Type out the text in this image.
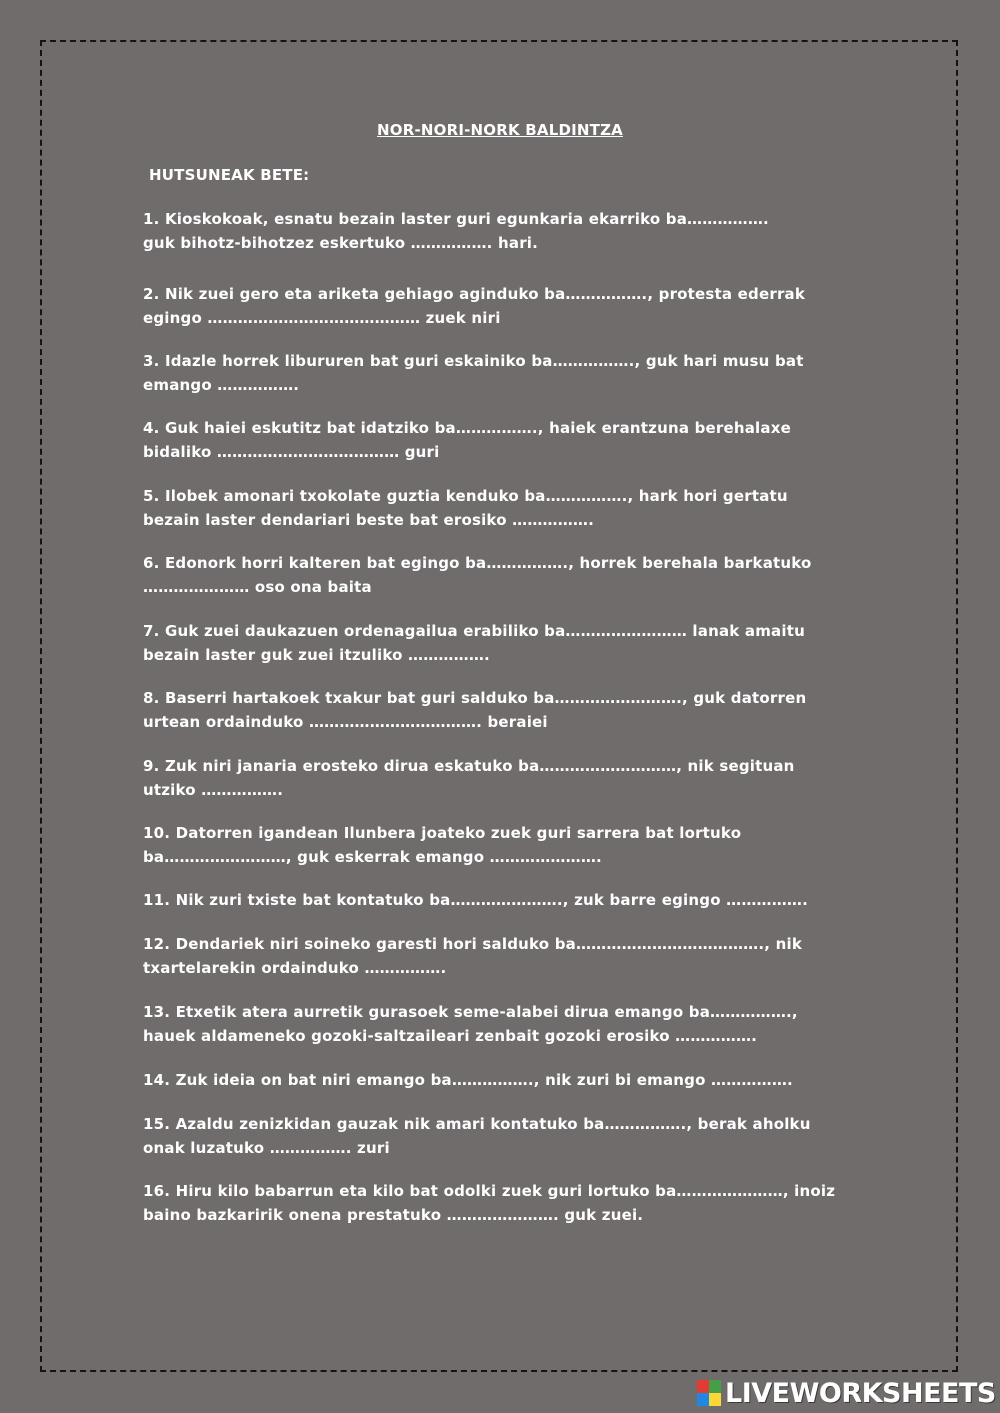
NOR-NORI-NORK BALDINTZA
HUTSUNEAK BETE:
1. Kioskokoak, esnatu bezain laster guri egunkaria ekarriko ba…………….
guk bihotz-bihotzez eskertuko ……………. hari.
2. Nik zuei gero eta ariketa gehiago aginduko ba……………., protesta ederrak
egingo …………………………………… zuek niri
3. Idazle horrek libururen bat guri eskainiko ba……………., guk hari musu bat
emango …………….
4. Guk haiei eskutitz bat idatziko ba……………., haiek erantzuna berehalaxe
bidaliko ……………………………… guri
5. Ilobek amonari txokolate guztia kenduko ba……………., hark hori gertatu
bezain laster dendariari beste bat erosiko …………….
6. Edonork horri kalteren bat egingo ba……………., horrek berehala barkatuko
………………… oso ona baita
7. Guk zuei daukazuen ordenagailua erabiliko ba…………………… lanak amaitu
bezain laster guk zuei itzuliko …………….
8. Baserri hartakoek txakur bat guri salduko ba……………………., guk datorren
urtean ordainduko ……………………………. beraiei
9. Zuk niri janaria erosteko dirua eskatuko ba………………………, nik segituan
utziko …………….
10. Datorren igandean Ilunbera joateko zuek guri sarrera bat lortuko
ba……………………, guk eskerrak emango ………………….
11. Nik zuri txiste bat kontatuko ba…………………., zuk barre egingo …………….
12. Dendariek niri soineko garesti hori salduko ba………………………………., nik
txartelarekin ordainduko …………….
13. Etxetik atera aurretik gurasoek seme-alabei dirua emango ba…………….,
hauek aldameneko gozoki-saltzaileari zenbait gozoki erosiko …………….
14. Zuk ideia on bat niri emango ba……………., nik zuri bi emango …………….
15. Azaldu zenizkidan gauzak nik amari kontatuko ba……………., berak aholku
onak luzatuko ……………. zuri
16. Hiru kilo babarrun eta kilo bat odolki zuek guri lortuko ba…………………, inoiz
baino bazkaririk onena prestatuko …………………. guk zuei.
LIVEWORKSHEETS
